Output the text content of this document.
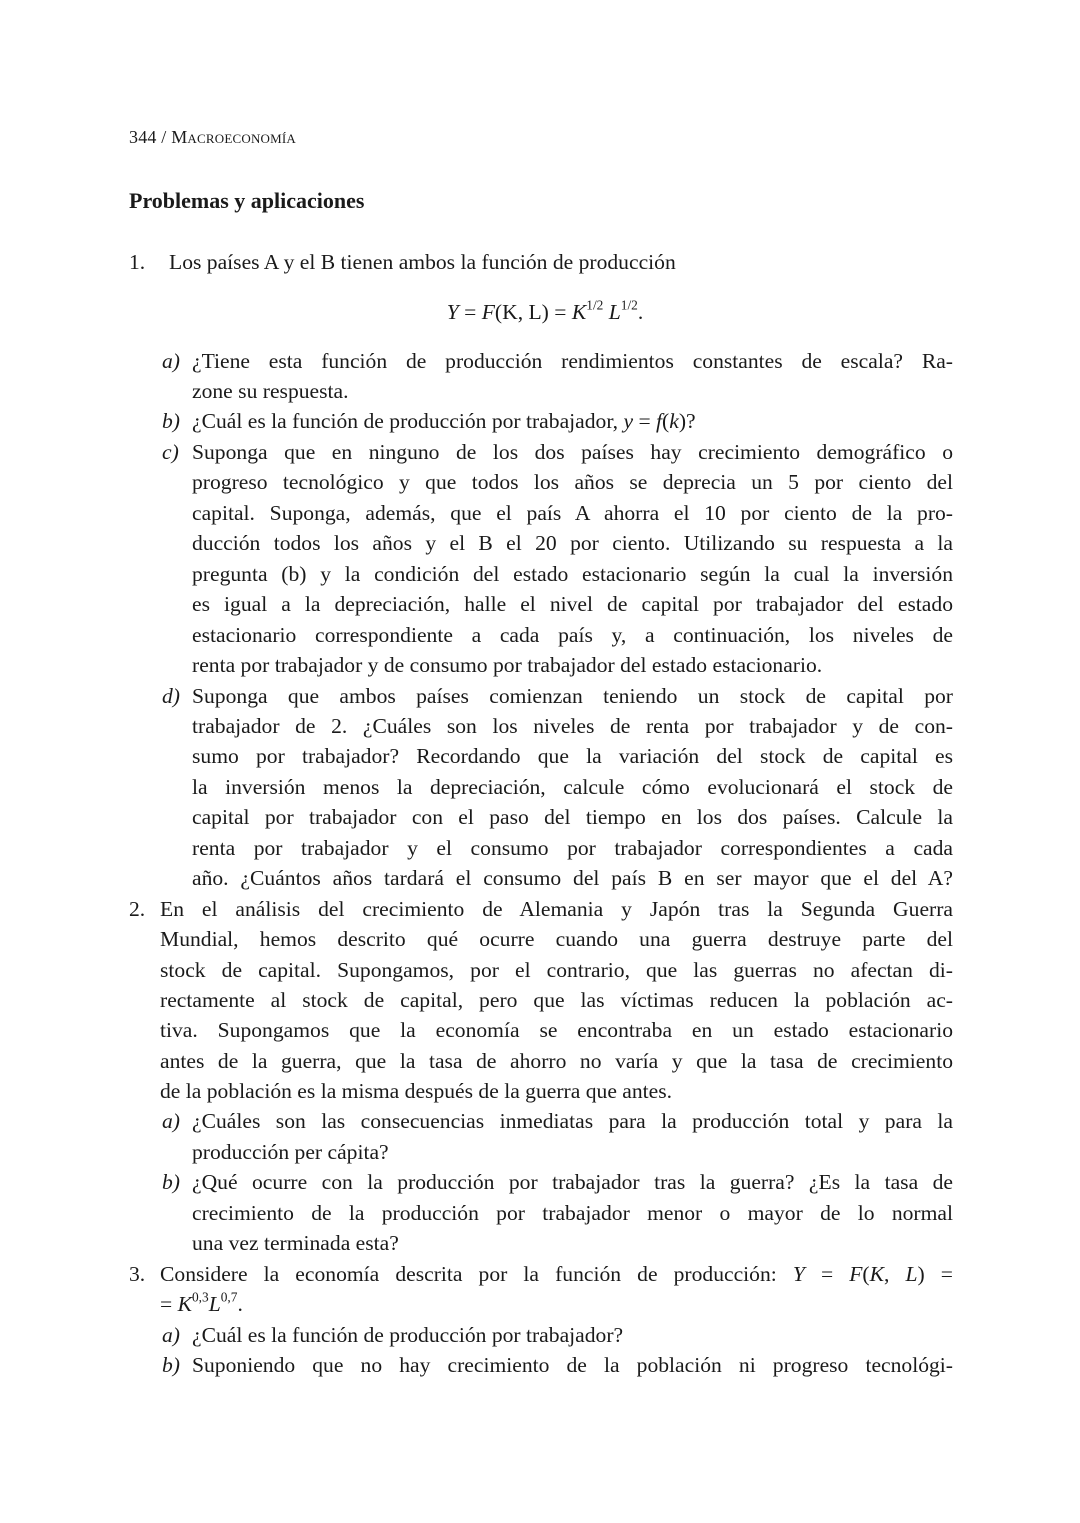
344 / Macroeconomía
Problemas y aplicaciones
Y = F(K, $L) = K^{1/2}$ $L^{1/2}$.
1. Los países A y el B tienen ambos la función de producción
a) ¿Tiene esta función de producción rendimientos constantes de escala? Ra-
zone su respuesta.
b) ¿Cuál es la función de producción por trabajador, y = f(k)?
c) Suponga que en ninguno de los dos países hay crecimiento demográfico o
progreso tecnológico y que todos los años se deprecia un 5 por ciento del
capital. Suponga, además, que el país A ahorra el 10 por ciento de la pro-
ducción todos los años y el B el 20 por ciento. Utilizando su respuesta a la
pregunta (b) y la condición del estado estacionario según la cual la inversión
es igual a la depreciación, halle el nivel de capital por trabajador del estado
estacionario correspondiente a cada país y, a continuación, los niveles de
renta por trabajador y de consumo por trabajador del estado estacionario.
d) Suponga que ambos países comienzan teniendo un stock de capital por
trabajador de 2. ¿Cuáles son los niveles de renta por trabajador y de con-
sumo por trabajador? Recordando que la variación del stock de capital es
la inversión menos la depreciación, calcule cómo evolucionará el stock de
capital por trabajador con el paso del tiempo en los dos países. Calcule la
renta por trabajador y el consumo por trabajador correspondientes a cada
año. ¿Cuántos años tardará el consumo del país B en ser mayor que el del A?
2. En el análisis del crecimiento de Alemania y Japón tras la Segunda Guerra
Mundial, hemos descrito qué ocurre cuando una guerra destruye parte del
stock de capital. Supongamos, por el contrario, que las guerras no afectan di-
rectamente al stock de capital, pero que las víctimas reducen la población ac-
tiva. Supongamos que la economía se encontraba en un estado estacionario
antes de la guerra, que la tasa de ahorro no varía y que la tasa de crecimiento
de la población es la misma después de la guerra que antes.
a) ¿Cuáles son las consecuencias inmediatas para la producción total y para la
producción per cápita?
b) ¿Qué ocurre con la producción por trabajador tras la guerra? ¿Es la tasa de
crecimiento de la producción por trabajador menor o mayor de lo normal
una vez terminada esta?
3. Considere la economía descrita por la función de producción: Y = F(K, L) =
= $K^{0,3}L^{0,7}$.
a) ¿Cuál es la función de producción por trabajador?
b) Suponiendo que no hay crecimiento de la población ni progreso tecnológi-
